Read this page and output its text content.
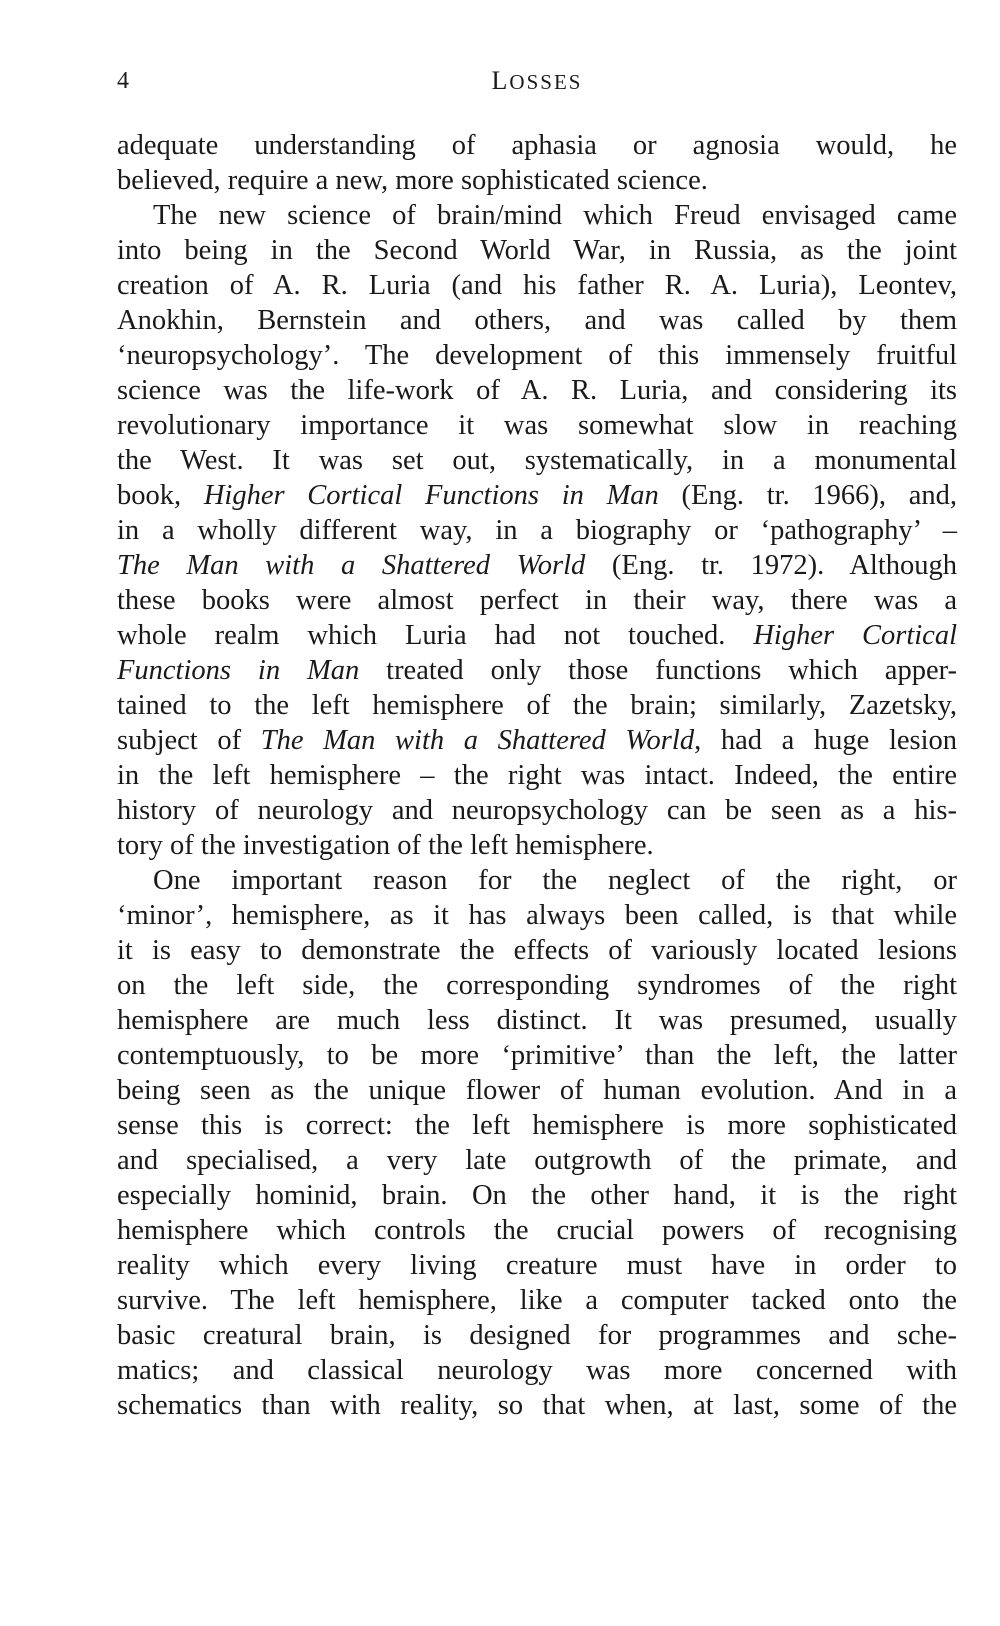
4	LOSSES
adequate understanding of aphasia or agnosia would, he
believed, require a new, more sophisticated science.
The new science of brain/mind which Freud envisaged came
into being in the Second World War, in Russia, as the joint
creation of A. R. Luria (and his father R. A. Luria), Leontev,
Anokhin, Bernstein and others, and was called by them
‘neuropsychology’. The development of this immensely fruitful
science was the life-work of A. R. Luria, and considering its
revolutionary importance it was somewhat slow in reaching
the West. It was set out, systematically, in a monumental
book, Higher Cortical Functions in Man (Eng. tr. 1966), and,
in a wholly different way, in a biography or ‘pathography’ –
The Man with a Shattered World (Eng. tr. 1972). Although
these books were almost perfect in their way, there was a
whole realm which Luria had not touched. Higher Cortical
Functions in Man treated only those functions which apper-
tained to the left hemisphere of the brain; similarly, Zazetsky,
subject of The Man with a Shattered World, had a huge lesion
in the left hemisphere – the right was intact. Indeed, the entire
history of neurology and neuropsychology can be seen as a his-
tory of the investigation of the left hemisphere.
One important reason for the neglect of the right, or
‘minor’, hemisphere, as it has always been called, is that while
it is easy to demonstrate the effects of variously located lesions
on the left side, the corresponding syndromes of the right
hemisphere are much less distinct. It was presumed, usually
contemptuously, to be more ‘primitive’ than the left, the latter
being seen as the unique flower of human evolution. And in a
sense this is correct: the left hemisphere is more sophisticated
and specialised, a very late outgrowth of the primate, and
especially hominid, brain. On the other hand, it is the right
hemisphere which controls the crucial powers of recognising
reality which every living creature must have in order to
survive. The left hemisphere, like a computer tacked onto the
basic creatural brain, is designed for programmes and sche-
matics; and classical neurology was more concerned with
schematics than with reality, so that when, at last, some of the
